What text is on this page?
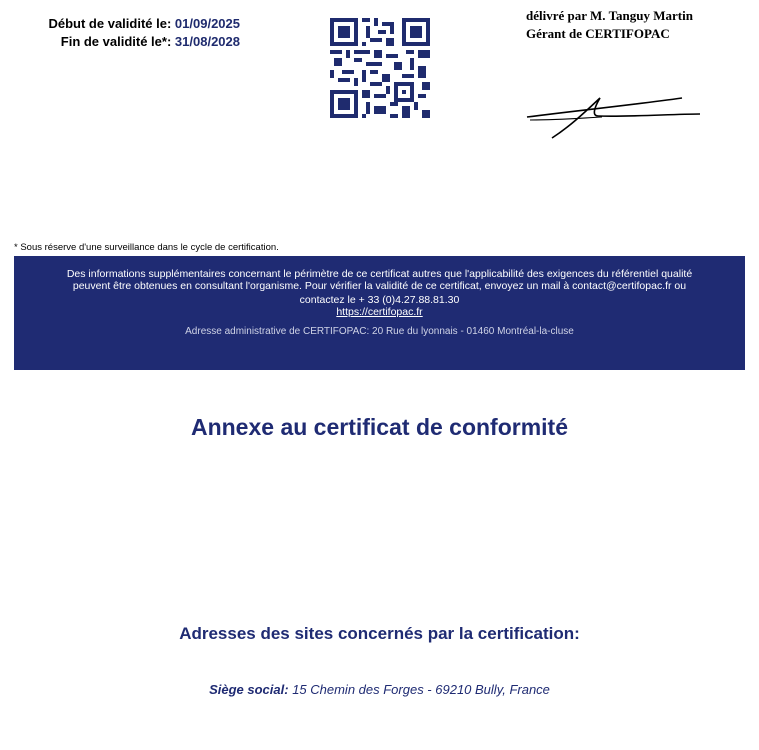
Début de validité le: 01/09/2025
Fin de validité le*: 31/08/2028
délivré par M. Tanguy Martin
Gérant de CERTIFOPAC
* Sous réserve d'une surveillance dans le cycle de certification.
Des informations supplémentaires concernant le périmètre de ce certificat autres que l'applicabilité des exigences du référentiel qualité
peuvent être obtenues en consultant l'organisme. Pour vérifier la validité de ce certificat, envoyez un mail à contact@certifopac.fr ou
contactez le + 33 (0)4.27.88.81.30
https://certifopac.fr
Adresse administrative de CERTIFOPAC: 20 Rue du lyonnais - 01460 Montréal-la-cluse
Annexe au certificat de conformité
Adresses des sites concernés par la certification:
Siège social: 15 Chemin des Forges - 69210 Bully, France
